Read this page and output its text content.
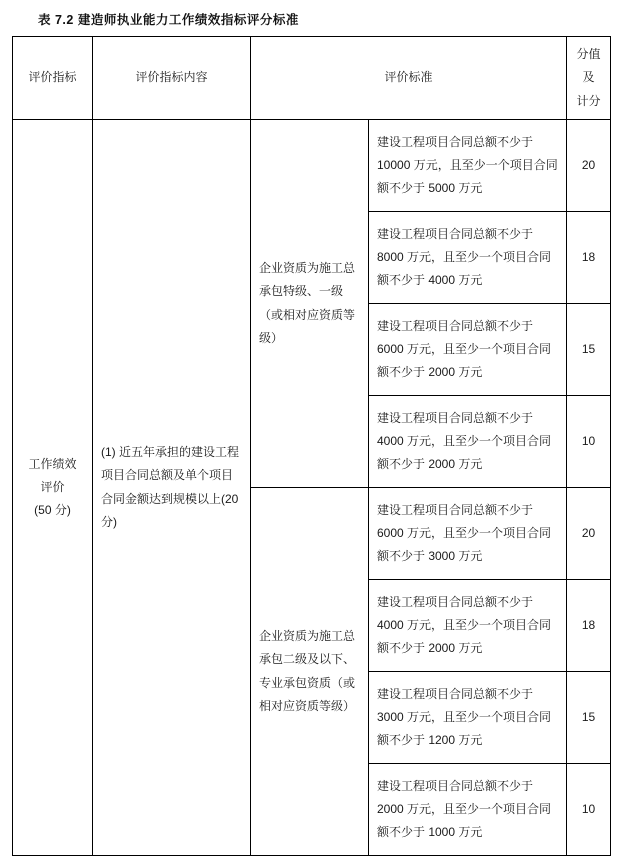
表 7.2 建造师执业能力工作绩效指标评分标准
评价指标	评价指标内容	评价标准		分值及
计分

工作绩效
评价
(50 分)	(1) 近五年承担的建设工程项目合同总额及单个项目合同金额达到规模以上(20 分)	企业资质为施工总承包特级、一级（或相对应资质等级）	建设工程项目合同总额不少于 10000 万元，且至少一个项目合同额不少于 5000 万元	20
			建设工程项目合同总额不少于 8000 万元，且至少一个项目合同额不少于 4000 万元	18
			建设工程项目合同总额不少于 6000 万元，且至少一个项目合同额不少于 2000 万元	15
			建设工程项目合同总额不少于 4000 万元，且至少一个项目合同额不少于 2000 万元	10
		企业资质为施工总承包二级及以下、专业承包资质（或相对应资质等级）	建设工程项目合同总额不少于 6000 万元，且至少一个项目合同额不少于 3000 万元	20
			建设工程项目合同总额不少于 4000 万元，且至少一个项目合同额不少于 2000 万元	18
			建设工程项目合同总额不少于 3000 万元，且至少一个项目合同额不少于 1200 万元	15
			建设工程项目合同总额不少于 2000 万元，且至少一个项目合同额不少于 1000 万元	10
